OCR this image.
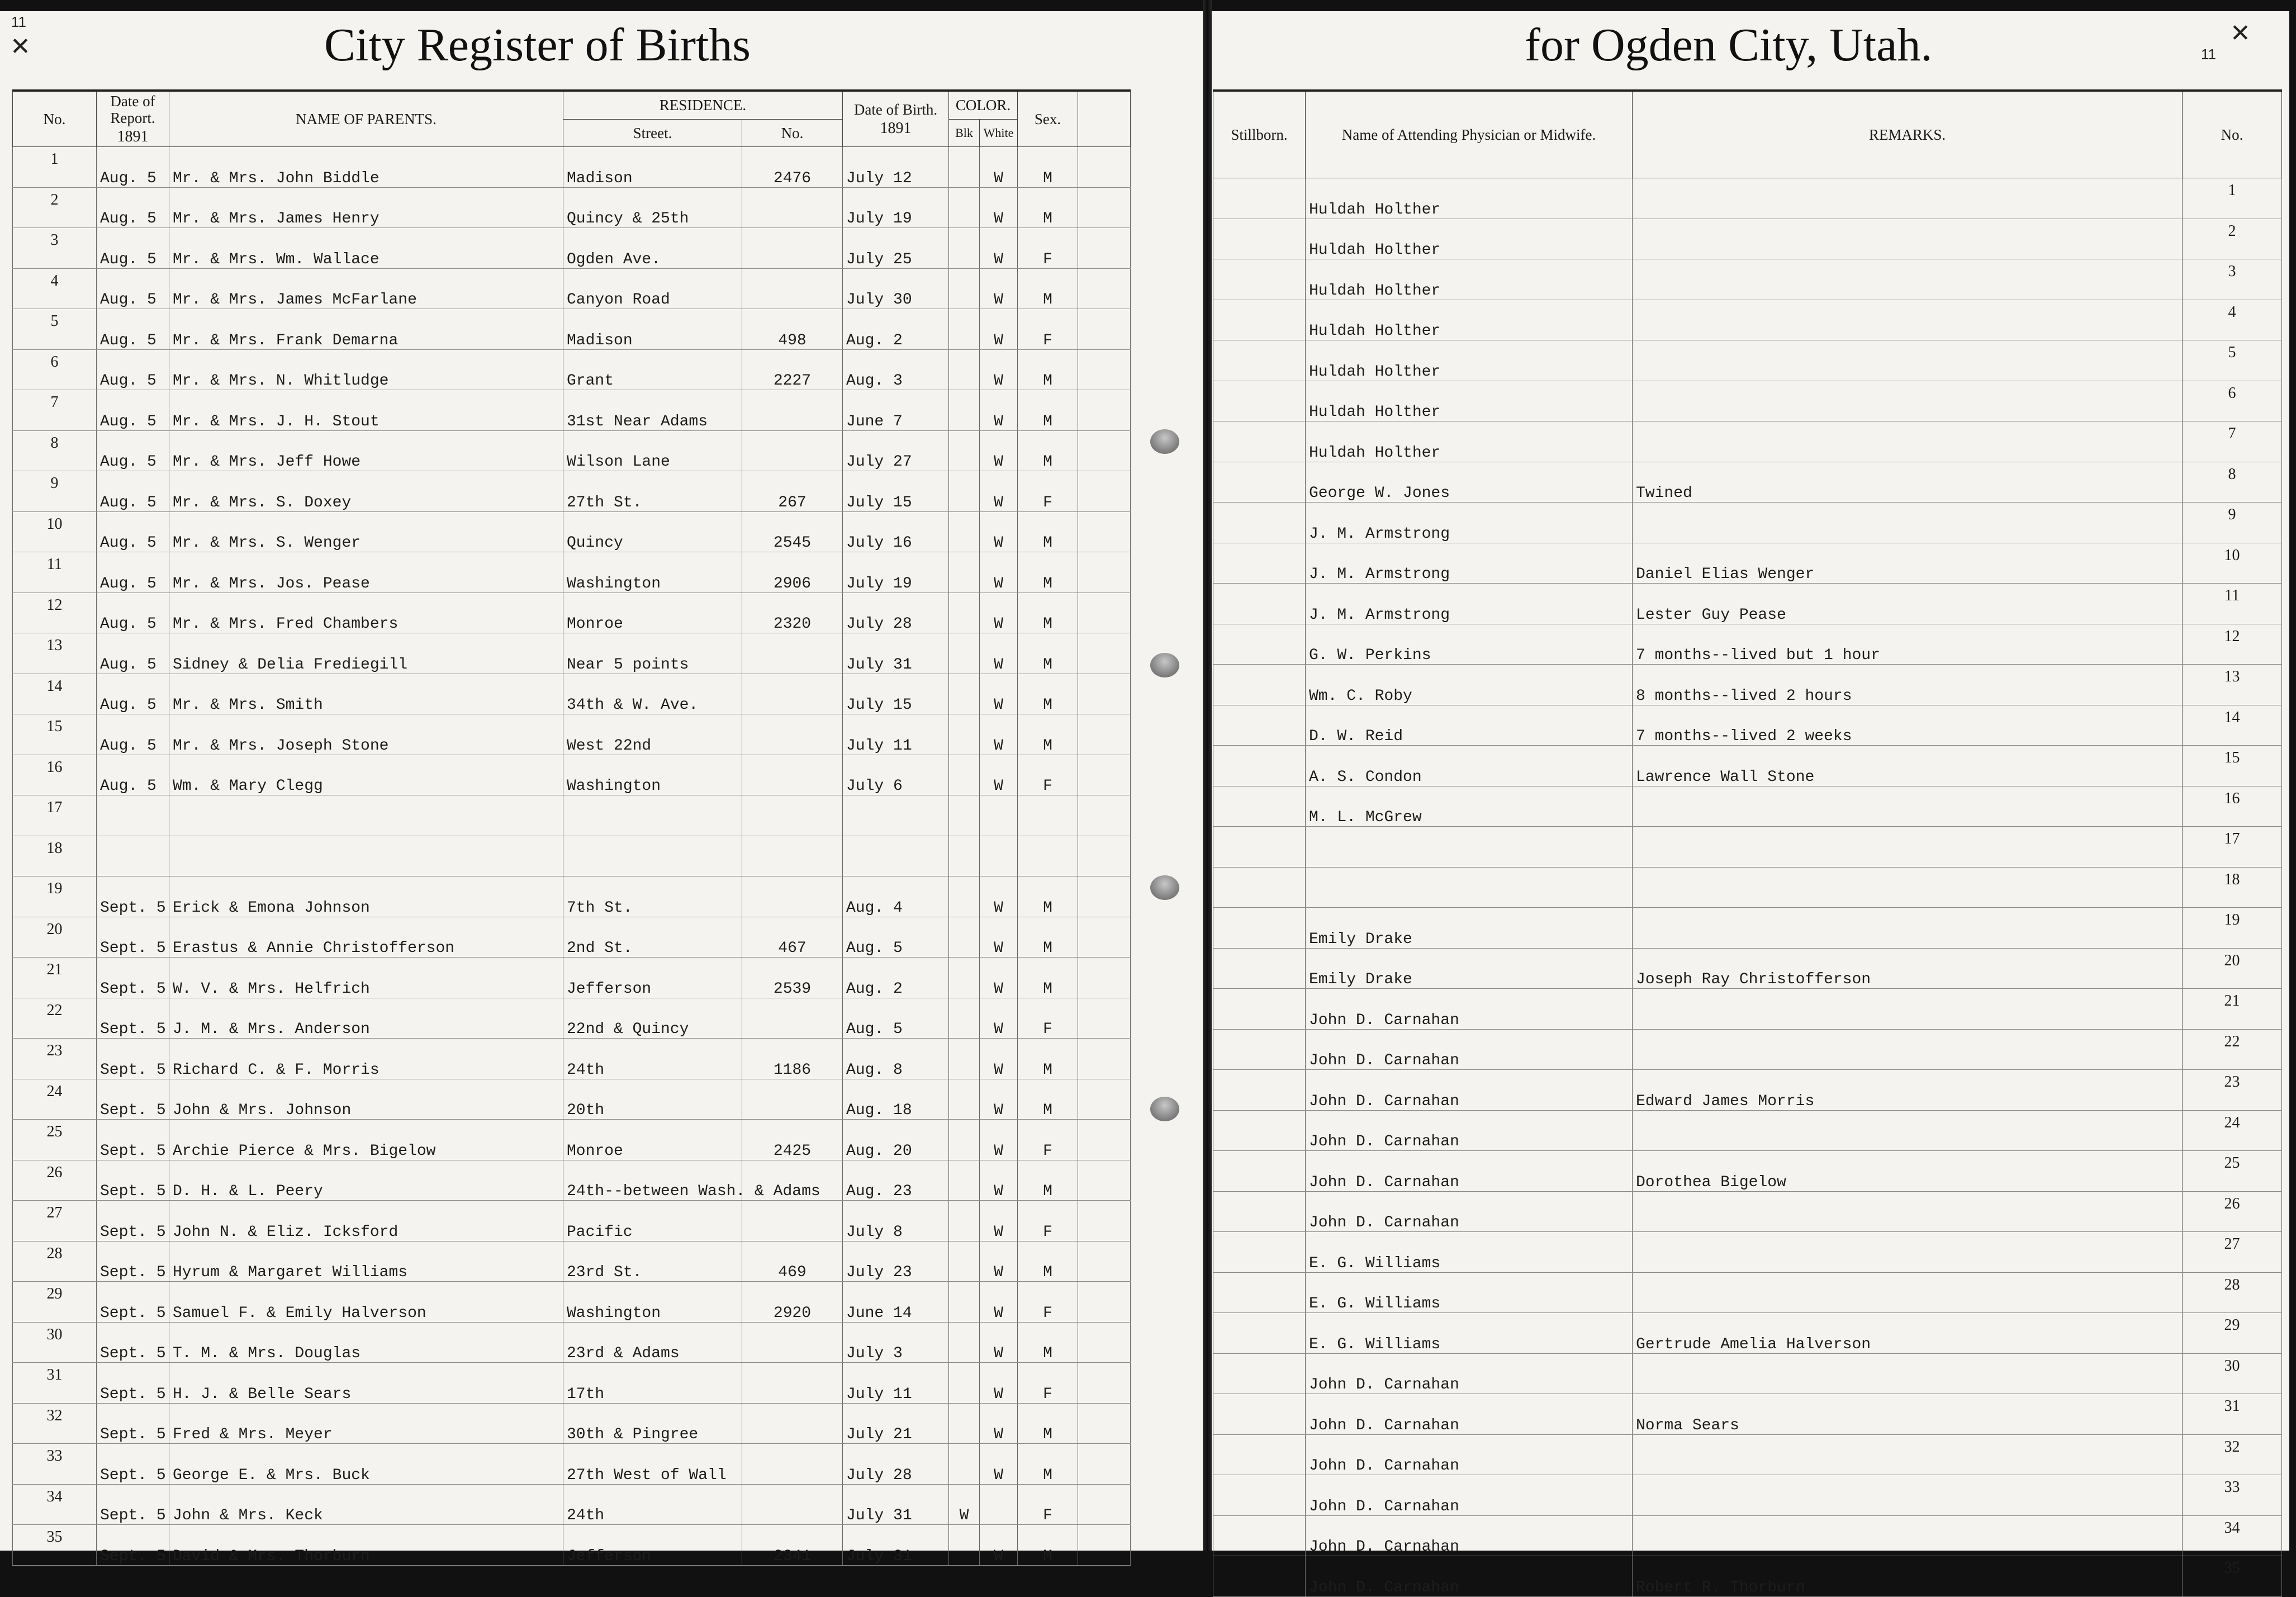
City Register of Births
11
✕
No.	Date of Report.
1891	NAME OF PARENTS.	RESIDENCE.		Date of Birth.
1891	COLOR.		Sex.	
			Street.	No.		Blk	White		
1	Aug. 5	Mr. & Mrs. John Biddle	Madison	2476	July 12		W	M	
2	Aug. 5	Mr. & Mrs. James Henry	Quincy & 25th		July 19		W	M	
3	Aug. 5	Mr. & Mrs. Wm. Wallace	Ogden Ave.		July 25		W	F	
4	Aug. 5	Mr. & Mrs. James McFarlane	Canyon Road		July 30		W	M	
5	Aug. 5	Mr. & Mrs. Frank Demarna	Madison	498	Aug. 2		W	F	
6	Aug. 5	Mr. & Mrs. N. Whitludge	Grant	2227	Aug. 3		W	M	
7	Aug. 5	Mr. & Mrs. J. H. Stout	31st Near Adams		June 7		W	M	
8	Aug. 5	Mr. & Mrs. Jeff Howe	Wilson Lane		July 27		W	M	
9	Aug. 5	Mr. & Mrs. S. Doxey	27th St.	267	July 15		W	F	
10	Aug. 5	Mr. & Mrs. S. Wenger	Quincy	2545	July 16		W	M	
11	Aug. 5	Mr. & Mrs. Jos. Pease	Washington	2906	July 19		W	M	
12	Aug. 5	Mr. & Mrs. Fred Chambers	Monroe	2320	July 28		W	M	
13	Aug. 5	Sidney & Delia Frediegill	Near 5 points		July 31		W	M	
14	Aug. 5	Mr. & Mrs. Smith	34th & W. Ave.		July 15		W	M	
15	Aug. 5	Mr. & Mrs. Joseph Stone	West 22nd		July 11		W	M	
16	Aug. 5	Wm. & Mary Clegg	Washington		July 6		W	F	
17									
18									
19	Sept. 5	Erick & Emona Johnson	7th St.		Aug. 4		W	M	
20	Sept. 5	Erastus & Annie Christofferson	2nd St.	467	Aug. 5		W	M	
21	Sept. 5	W. V. & Mrs. Helfrich	Jefferson	2539	Aug. 2		W	M	
22	Sept. 5	J. M. & Mrs. Anderson	22nd & Quincy		Aug. 5		W	F	
23	Sept. 5	Richard C. & F. Morris	24th	1186	Aug. 8		W	M	
24	Sept. 5	John & Mrs. Johnson	20th		Aug. 18		W	M	
25	Sept. 5	Archie Pierce & Mrs. Bigelow	Monroe	2425	Aug. 20		W	F	
26	Sept. 5	D. H. & L. Peery	24th--between Wash. & Adams		Aug. 23		W	M	
27	Sept. 5	John N. & Eliz. Icksford	Pacific		July 8		W	F	
28	Sept. 5	Hyrum & Margaret Williams	23rd St.	469	July 23		W	M	
29	Sept. 5	Samuel F. & Emily Halverson	Washington	2920	June 14		W	F	
30	Sept. 5	T. M. & Mrs. Douglas	23rd & Adams		July 3		W	M	
31	Sept. 5	H. J. & Belle Sears	17th		July 11		W	F	
32	Sept. 5	Fred & Mrs. Meyer	30th & Pingree		July 21		W	M	
33	Sept. 5	George E. & Mrs. Buck	27th West of Wall		July 28		W	M	
34	Sept. 5	John & Mrs. Keck	24th		July 31	W		F	
35	Sept. 5	David & Mrs. Thorburn	Jefferson	2341	July 31		W	M	
for Ogden City, Utah.	11
✕
Stillborn.	Name of Attending Physician or Midwife.	REMARKS.	No.
	Huldah Holther		1
	Huldah Holther		2
	Huldah Holther		3
	Huldah Holther		4
	Huldah Holther		5
	Huldah Holther		6
	Huldah Holther		7
	George W. Jones	Twined	8
	J. M. Armstrong		9
	J. M. Armstrong	Daniel Elias Wenger	10
	J. M. Armstrong	Lester Guy Pease	11
	G. W. Perkins	7 months--lived but 1 hour	12
	Wm. C. Roby	8 months--lived 2 hours	13
	D. W. Reid	7 months--lived 2 weeks	14
	A. S. Condon	Lawrence Wall Stone	15
	M. L. McGrew		16
			17
			18
	Emily Drake		19
	Emily Drake	Joseph Ray Christofferson	20
	John D. Carnahan		21
	John D. Carnahan		22
	John D. Carnahan	Edward James Morris	23
	John D. Carnahan		24
	John D. Carnahan	Dorothea Bigelow	25
	John D. Carnahan		26
	E. G. Williams		27
	E. G. Williams		28
	E. G. Williams	Gertrude Amelia Halverson	29
	John D. Carnahan		30
	John D. Carnahan	Norma Sears	31
	John D. Carnahan		32
	John D. Carnahan		33
	John D. Carnahan		34
	John D. Carnahan	Robert R. Thorburn	35
